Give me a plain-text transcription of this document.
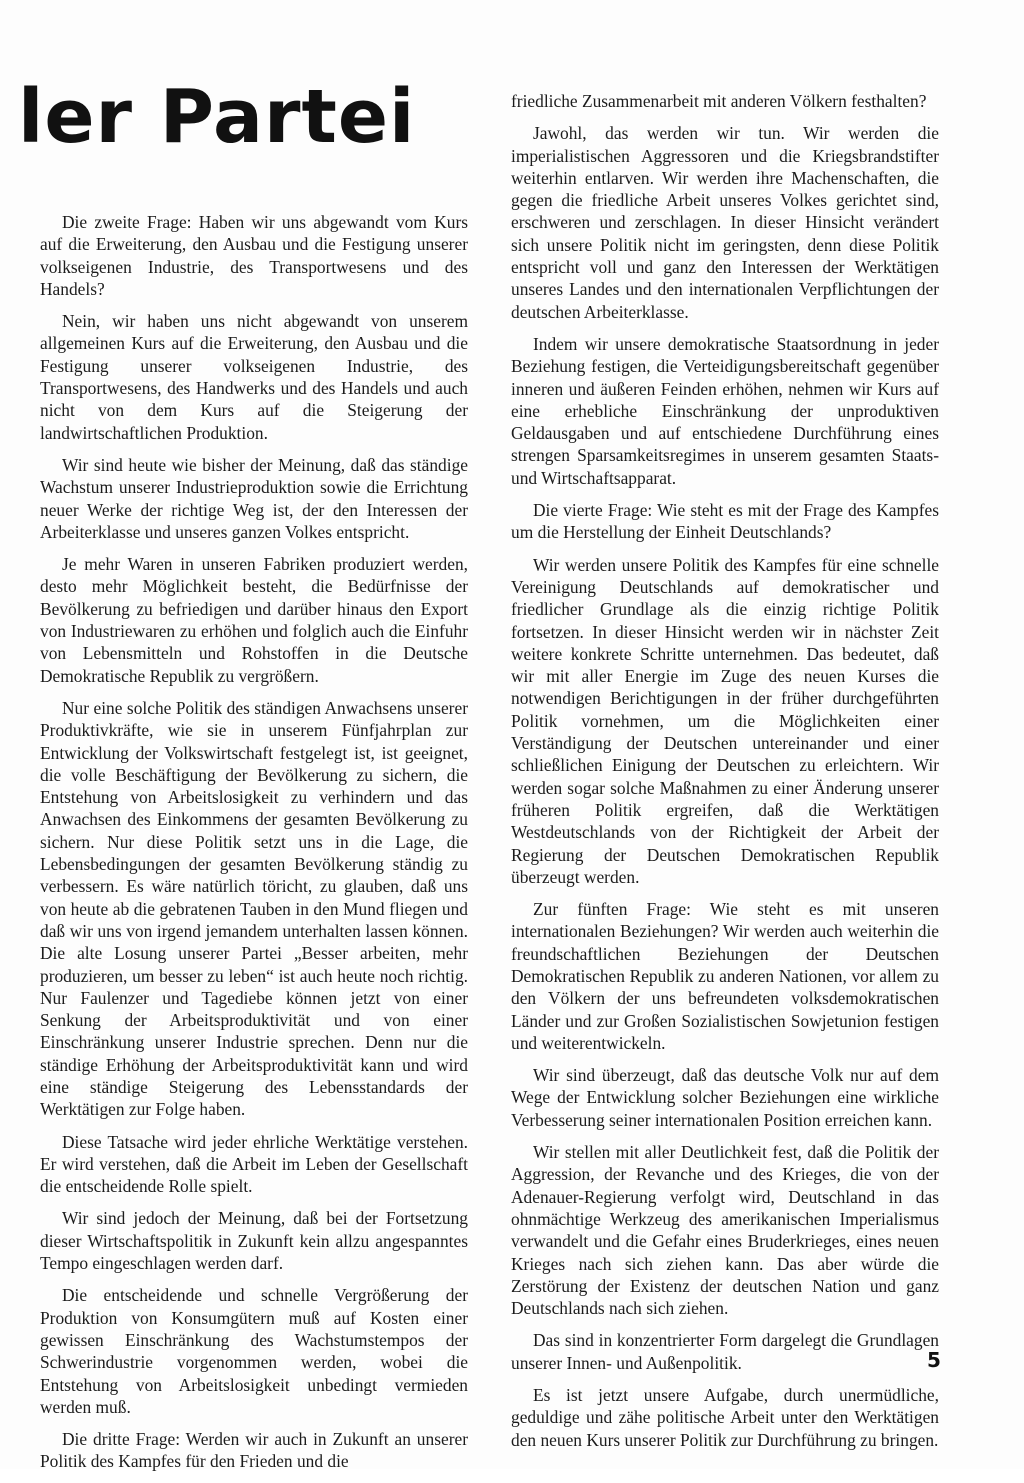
ler Partei

Die zweite Frage: Haben wir uns abgewandt vom Kurs auf die Erweiterung, den Ausbau und die Festigung unserer volkseigenen Industrie, des Transportwesens und des Handels?

Nein, wir haben uns nicht abgewandt von unserem allgemeinen Kurs auf die Erweiterung, den Ausbau und die Festigung unserer volkseigenen Industrie, des Transportwesens, des Handwerks und des Handels und auch nicht von dem Kurs auf die Steigerung der landwirtschaftlichen Produktion.

Wir sind heute wie bisher der Meinung, daß das ständige Wachstum unserer Industrieproduktion sowie die Errichtung neuer Werke der richtige Weg ist, der den Interessen der Arbeiterklasse und unseres ganzen Volkes entspricht.

Je mehr Waren in unseren Fabriken produziert werden, desto mehr Möglichkeit besteht, die Bedürfnisse der Bevölkerung zu befriedigen und darüber hinaus den Export von Industriewaren zu erhöhen und folglich auch die Einfuhr von Lebensmitteln und Rohstoffen in die Deutsche Demokratische Republik zu vergrößern.

Nur eine solche Politik des ständigen Anwachsens unserer Produktivkräfte, wie sie in unserem Fünfjahrplan zur Entwicklung der Volkswirtschaft festgelegt ist, ist geeignet, die volle Beschäftigung der Bevölkerung zu sichern, die Entstehung von Arbeitslosigkeit zu verhindern und das Anwachsen des Einkommens der gesamten Bevölkerung zu sichern. Nur diese Politik setzt uns in die Lage, die Lebensbedingungen der gesamten Bevölkerung ständig zu verbessern. Es wäre natürlich töricht, zu glauben, daß uns von heute ab die gebratenen Tauben in den Mund fliegen und daß wir uns von irgend jemandem unterhalten lassen können. Die alte Losung unserer Partei „Besser arbeiten, mehr produzieren, um besser zu leben“ ist auch heute noch richtig. Nur Faulenzer und Tagediebe können jetzt von einer Senkung der Arbeitsproduktivität und von einer Einschränkung unserer Industrie sprechen. Denn nur die ständige Erhöhung der Arbeitsproduktivität kann und wird eine ständige Steigerung des Lebensstandards der Werktätigen zur Folge haben.

Diese Tatsache wird jeder ehrliche Werktätige verstehen. Er wird verstehen, daß die Arbeit im Leben der Gesellschaft die entscheidende Rolle spielt.

Wir sind jedoch der Meinung, daß bei der Fortsetzung dieser Wirtschaftspolitik in Zukunft kein allzu angespanntes Tempo eingeschlagen werden darf.

Die entscheidende und schnelle Vergrößerung der Produktion von Konsumgütern muß auf Kosten einer gewissen Einschränkung des Wachstumstempos der Schwerindustrie vorgenommen werden, wobei die Entstehung von Arbeitslosigkeit unbedingt vermieden werden muß.

Die dritte Frage: Werden wir auch in Zukunft an unserer Politik des Kampfes für den Frieden und die

friedliche Zusammenarbeit mit anderen Völkern festhalten?

Jawohl, das werden wir tun. Wir werden die imperialistischen Aggressoren und die Kriegsbrandstifter weiterhin entlarven. Wir werden ihre Machenschaften, die gegen die friedliche Arbeit unseres Volkes gerichtet sind, erschweren und zerschlagen. In dieser Hinsicht verändert sich unsere Politik nicht im geringsten, denn diese Politik entspricht voll und ganz den Interessen der Werktätigen unseres Landes und den internationalen Verpflichtungen der deutschen Arbeiterklasse.

Indem wir unsere demokratische Staatsordnung in jeder Beziehung festigen, die Verteidigungsbereitschaft gegenüber inneren und äußeren Feinden erhöhen, nehmen wir Kurs auf eine erhebliche Einschränkung der unproduktiven Geldausgaben und auf entschiedene Durchführung eines strengen Sparsamkeitsregimes in unserem gesamten Staats- und Wirtschaftsapparat.

Die vierte Frage: Wie steht es mit der Frage des Kampfes um die Herstellung der Einheit Deutschlands?

Wir werden unsere Politik des Kampfes für eine schnelle Vereinigung Deutschlands auf demokratischer und friedlicher Grundlage als die einzig richtige Politik fortsetzen. In dieser Hinsicht werden wir in nächster Zeit weitere konkrete Schritte unternehmen. Das bedeutet, daß wir mit aller Energie im Zuge des neuen Kurses die notwendigen Berichtigungen in der früher durchgeführten Politik vornehmen, um die Möglichkeiten einer Verständigung der Deutschen untereinander und einer schließlichen Einigung der Deutschen zu erleichtern. Wir werden sogar solche Maßnahmen zu einer Änderung unserer früheren Politik ergreifen, daß die Werktätigen Westdeutschlands von der Richtigkeit der Arbeit der Regierung der Deutschen Demokratischen Republik überzeugt werden.

Zur fünften Frage: Wie steht es mit unseren internationalen Beziehungen? Wir werden auch weiterhin die freundschaftlichen Beziehungen der Deutschen Demokratischen Republik zu anderen Nationen, vor allem zu den Völkern der uns befreundeten volksdemokratischen Länder und zur Großen Sozialistischen Sowjetunion festigen und weiterentwickeln.

Wir sind überzeugt, daß das deutsche Volk nur auf dem Wege der Entwicklung solcher Beziehungen eine wirkliche Verbesserung seiner internationalen Position erreichen kann.

Wir stellen mit aller Deutlichkeit fest, daß die Politik der Aggression, der Revanche und des Krieges, die von der Adenauer-Regierung verfolgt wird, Deutschland in das ohnmächtige Werkzeug des amerikanischen Imperialismus verwandelt und die Gefahr eines Bruderkrieges, eines neuen Krieges nach sich ziehen kann. Das aber würde die Zerstörung der Existenz der deutschen Nation und ganz Deutschlands nach sich ziehen.

Das sind in konzentrierter Form dargelegt die Grundlagen unserer Innen- und Außenpolitik.

Es ist jetzt unsere Aufgabe, durch unermüdliche, geduldige und zähe politische Arbeit unter den Werktätigen den neuen Kurs unserer Politik zur Durchführung zu bringen.

5
